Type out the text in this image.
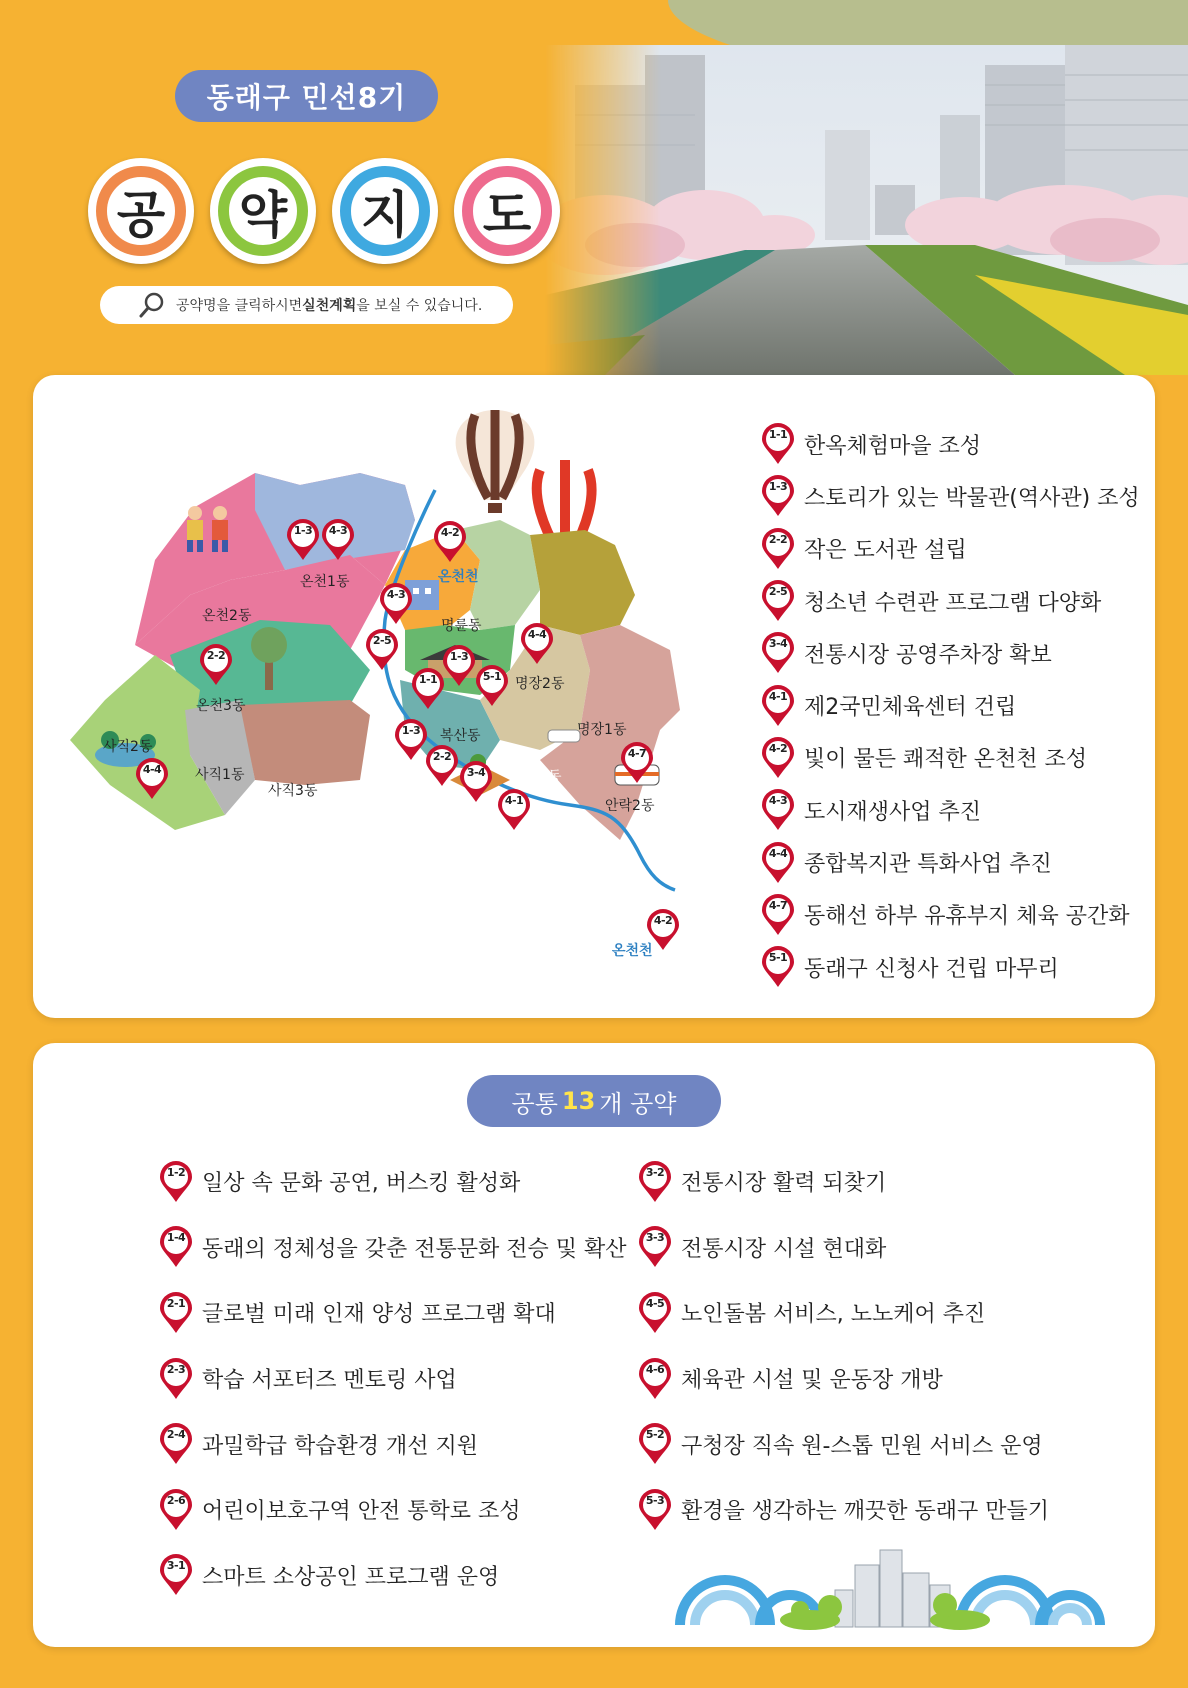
동래구 민선8기
공	약	지	도
공약명을 클릭하시면 실천계획 을 보실 수 있습니다.
온천1동
온천2동
온천3동
명륜동
명장2동
명장1동
복산동
수민동	안락1동
안락2동
사직1동
사직2동
사직3동
온천천
온천천
1-3	4-3	4-2
4-3
2-5
1-3
4-4
2-2
1-1	5-1
1-3
2-2
3-4
4-7
4-1
4-4
4-2
1-1 한옥체험마을 조성
1-3 스토리가 있는 박물관(역사관) 조성
2-2 작은 도서관 설립
2-5 청소년 수련관 프로그램 다양화
3-4 전통시장 공영주차장 확보
4-1 제2국민체육센터 건립
4-2 빛이 물든 쾌적한 온천천 조성
4-3 도시재생사업 추진
4-4 종합복지관 특화사업 추진
4-7 동해선 하부 유휴부지 체육 공간화
5-1 동래구 신청사 건립 마무리
공통 13 개 공약
1-2 일상 속 문화 공연, 버스킹 활성화
1-4 동래의 정체성을 갖춘 전통문화 전승 및 확산
2-1 글로벌 미래 인재 양성 프로그램 확대
2-3 학습 서포터즈 멘토링 사업
2-4 과밀학급 학습환경 개선 지원
2-6 어린이보호구역 안전 통학로 조성
3-1 스마트 소상공인 프로그램 운영
3-2 전통시장 활력 되찾기
3-3 전통시장 시설 현대화
4-5 노인돌봄 서비스, 노노케어 추진
4-6 체육관 시설 및 운동장 개방
5-2 구청장 직속 원-스톱 민원 서비스 운영
5-3 환경을 생각하는 깨끗한 동래구 만들기
